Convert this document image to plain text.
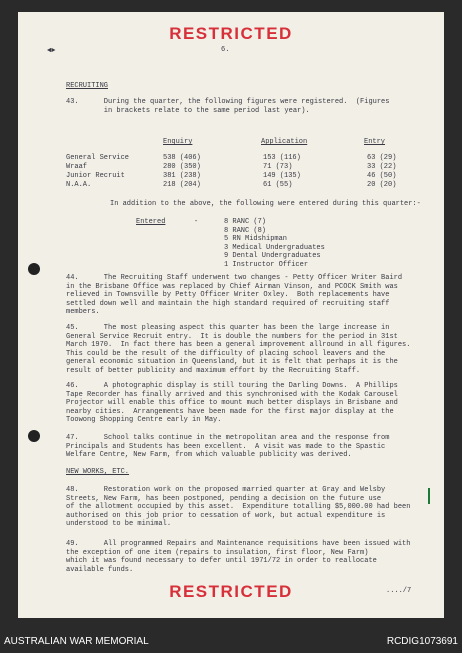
RESTRICTED
6.
◄►
RECRUITING
43.      During the quarter, the following figures were registered.  (Figures
in brackets relate to the same period last year).
Enquiry	Application	Entry
General Service	538 (406)	153 (116)	63 (29)
Wraaf	280 (350)	71 (73)	33 (22)
Junior Recruit	381 (238)	149 (135)	46 (50)
N.A.A.	218 (204)	61 (55)	20 (20)
In addition to the above, the following were entered during this quarter:-
Entered	-	8 RANC (7)
8 RANC (8)
5 RN Midshipman
3 Medical Undergraduates
9 Dental Undergraduates
1 Instructor Officer
44.      The Recruiting Staff underwent two changes - Petty Officer Writer Baird
in the Brisbane Office was replaced by Chief Airman Vinson, and PCOCK Smith was
relieved in Townsville by Petty Officer Writer Oxley.  Both replacements have
settled down well and maintain the high standard required of recruiting staff
members.
45.      The most pleasing aspect this quarter has been the large increase in
General Service Recruit entry.  It is double the numbers for the period in 31st
March 1970.  In fact there has been a general improvement allround in all figures.
This could be the result of the difficulty of placing school leavers and the
general economic situation in Queensland, but it is felt that perhaps it is the
result of better publicity and maximum effort by the Recruiting Staff.
46.      A photographic display is still touring the Darling Downs.  A Phillips
Tape Recorder has finally arrived and this synchronised with the Kodak Carousel
Projector will enable this office to mount much better displays in Brisbane and
nearby cities.  Arrangements have been made for the first major display at the
Toowong Shopping Centre early in May.
47.      School talks continue in the metropolitan area and the response from
Principals and Students has been excellent.  A visit was made to the Spastic
Welfare Centre, New Farm, from which valuable publicity was derived.
NEW WORKS, ETC.
48.      Restoration work on the proposed married quarter at Gray and Welsby
Streets, New Farm, has been postponed, pending a decision on the future use
of the allotment occupied by this asset.  Expenditure totalling $5,000.00 had been
authorised on this job prior to cessation of work, but actual expenditure is
understood to be minimal.
49.      All programmed Repairs and Maintenance requisitions have been issued with
the exception of one item (repairs to insulation, first floor, New Farm)
which it was found necessary to defer until 1971/72 in order to reallocate
available funds.
RESTRICTED	..../7
AUSTRALIAN WAR MEMORIAL	RCDIG1073691
